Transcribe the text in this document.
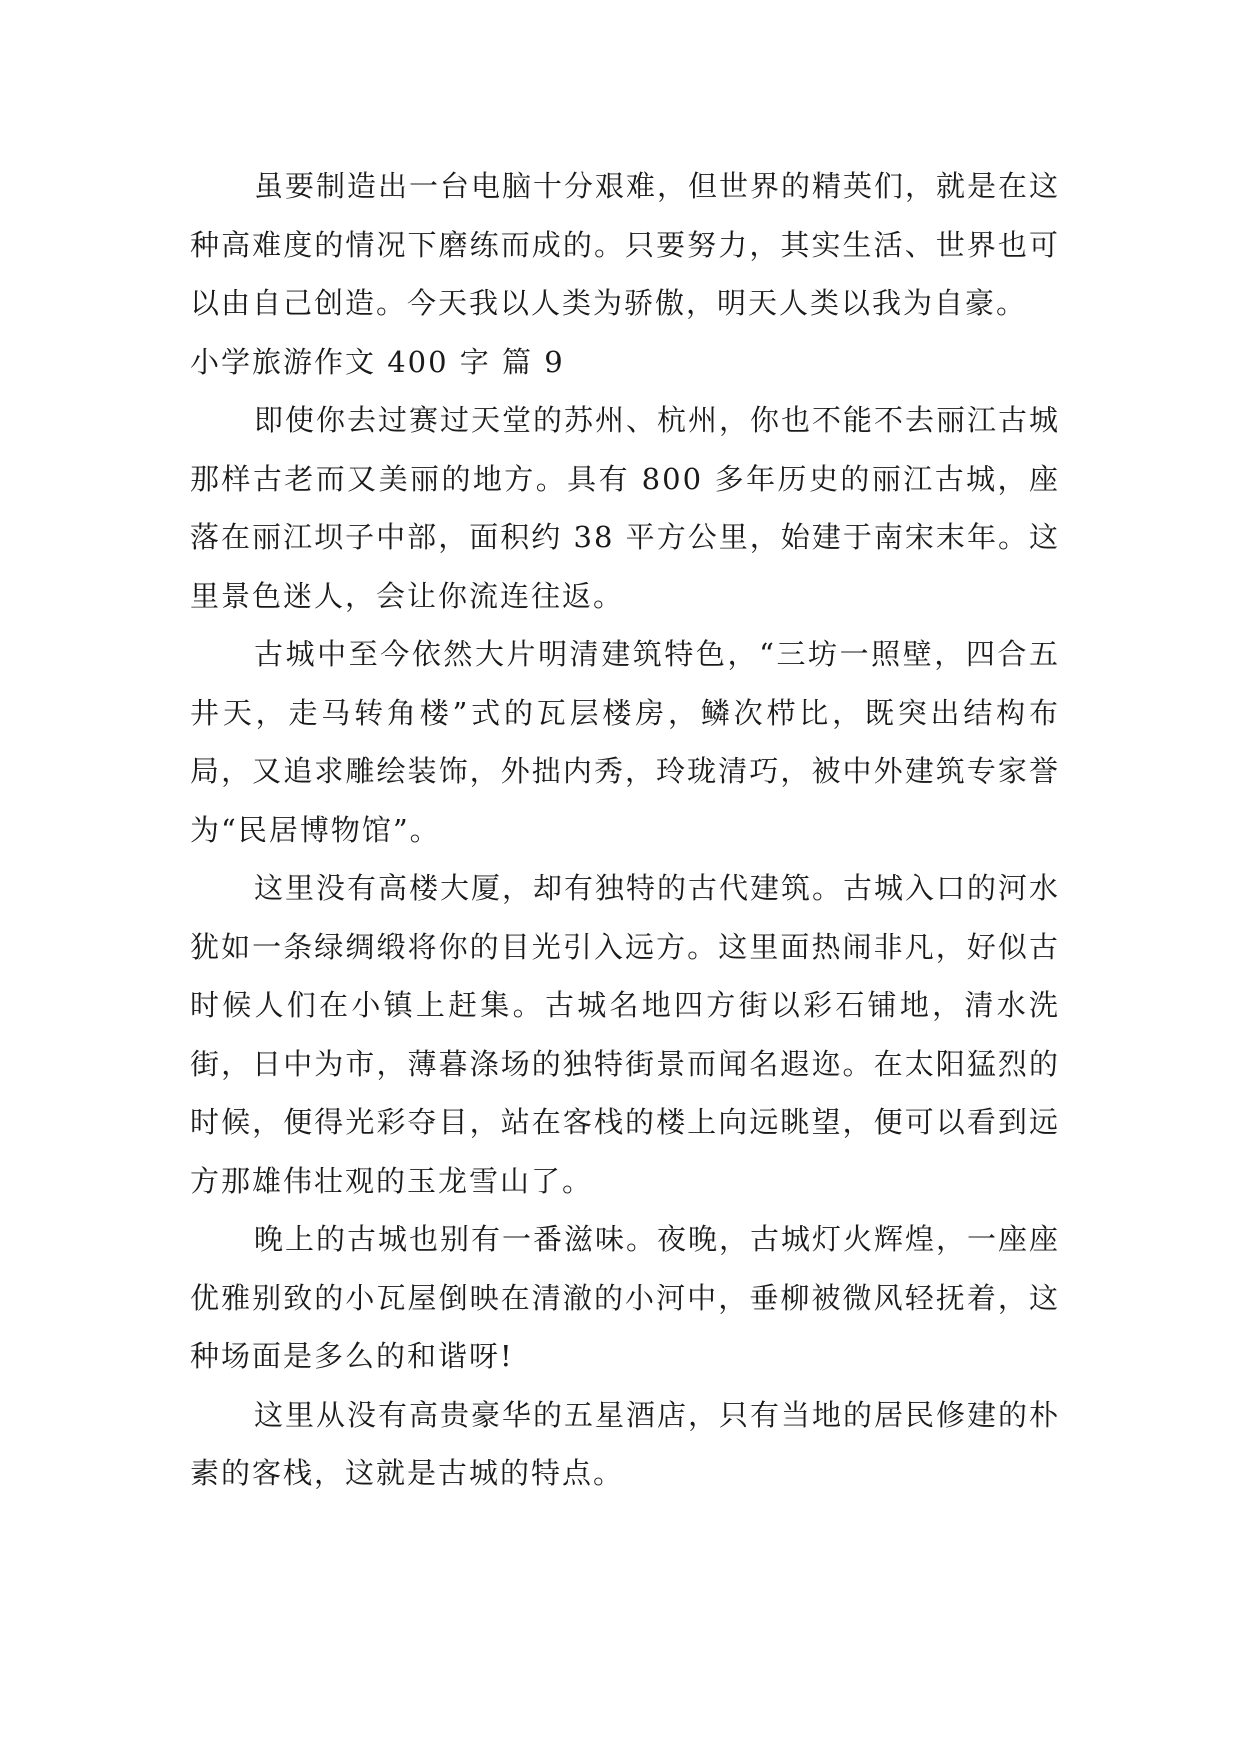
虽要制造出一台电脑十分艰难，但世界的精英们，就是在这种高难度的情况下磨练而成的。只要努力，其实生活、世界也可以由自己创造。今天我以人类为骄傲，明天人类以我为自豪。

小学旅游作文 400 字 篇 9

即使你去过赛过天堂的苏州、杭州，你也不能不去丽江古城那样古老而又美丽的地方。具有 800 多年历史的丽江古城，座落在丽江坝子中部，面积约 38 平方公里，始建于南宋末年。这里景色迷人，会让你流连往返。

古城中至今依然大片明清建筑特色，“三坊一照壁，四合五井天，走马转角楼”式的瓦层楼房，鳞次栉比，既突出结构布局，又追求雕绘装饰，外拙内秀，玲珑清巧，被中外建筑专家誉为“民居博物馆”。

这里没有高楼大厦，却有独特的古代建筑。古城入口的河水犹如一条绿绸缎将你的目光引入远方。这里面热闹非凡，好似古时候人们在小镇上赶集。古城名地四方街以彩石铺地，清水洗街，日中为市，薄暮涤场的独特街景而闻名遐迩。在太阳猛烈的时候，便得光彩夺目，站在客栈的楼上向远眺望，便可以看到远方那雄伟壮观的玉龙雪山了。

晚上的古城也别有一番滋味。夜晚，古城灯火辉煌，一座座优雅别致的小瓦屋倒映在清澈的小河中，垂柳被微风轻抚着，这种场面是多么的和谐呀!

这里从没有高贵豪华的五星酒店，只有当地的居民修建的朴素的客栈，这就是古城的特点。
